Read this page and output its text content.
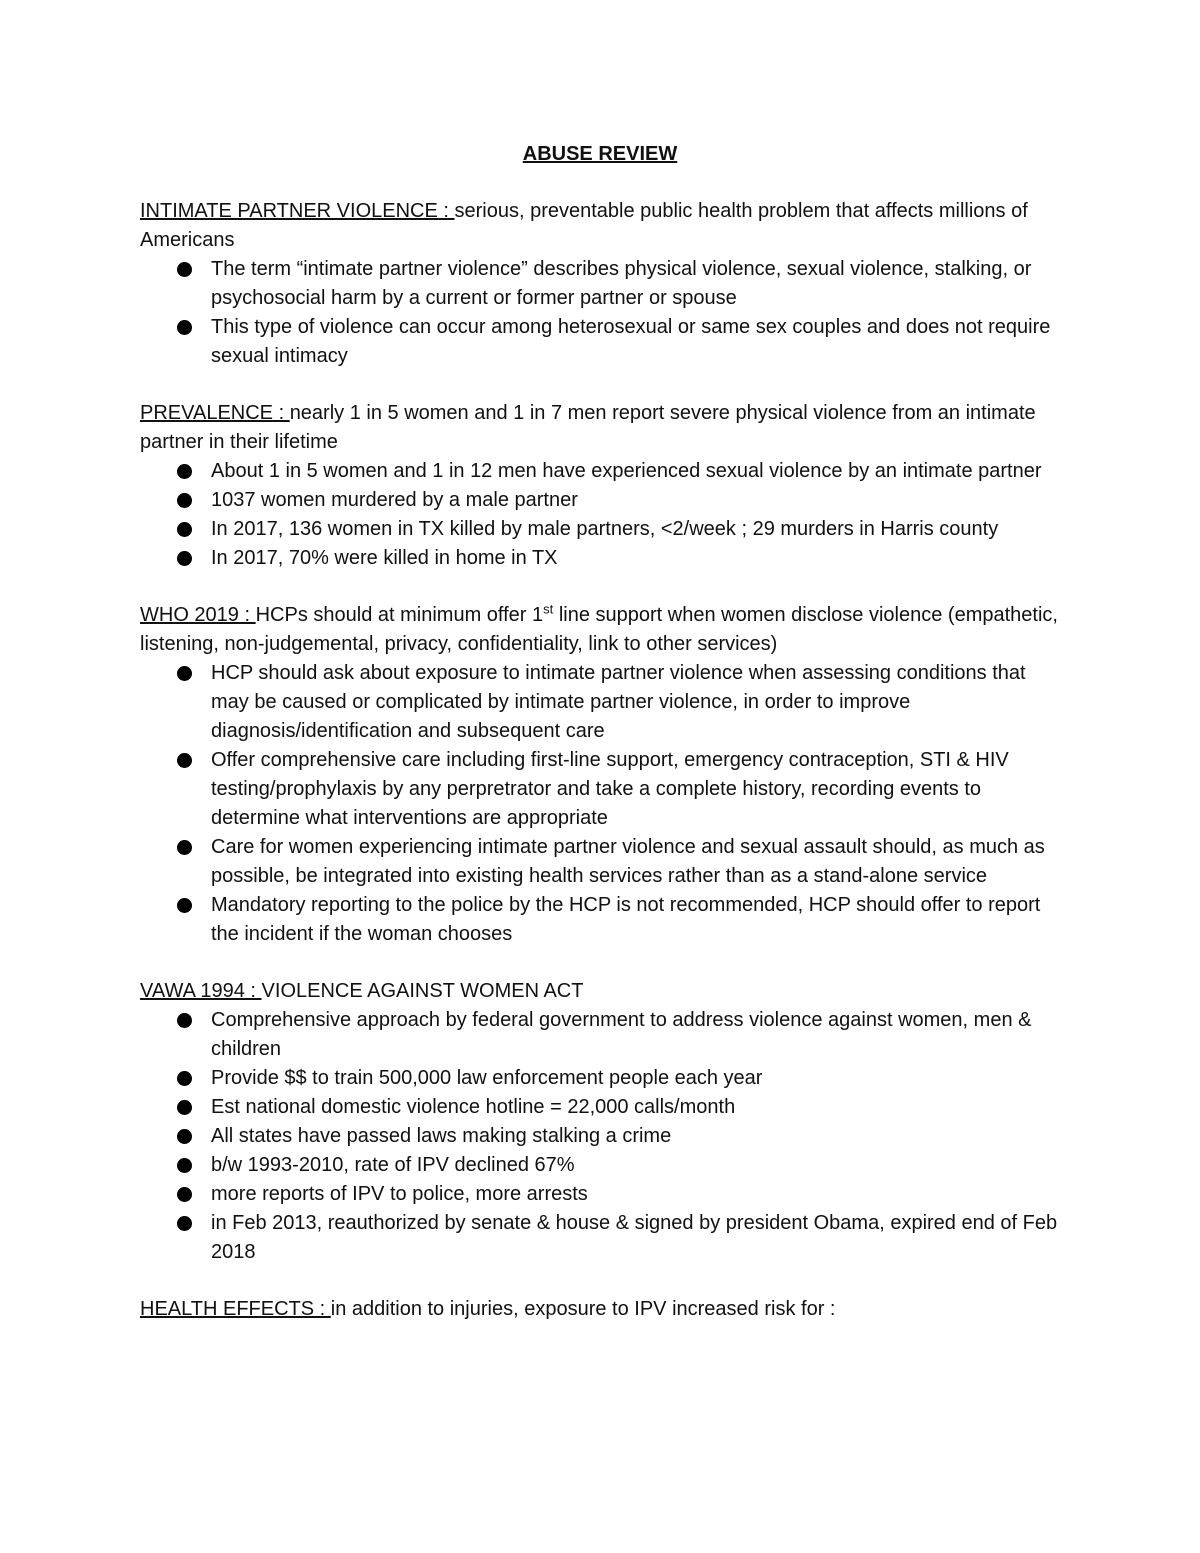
ABUSE REVIEW

INTIMATE PARTNER VIOLENCE : serious, preventable public health problem that affects millions of Americans

The term “intimate partner violence” describes physical violence, sexual violence, stalking, or psychosocial harm by a current or former partner or spouse
This type of violence can occur among heterosexual or same sex couples and does not require sexual intimacy

PREVALENCE : nearly 1 in 5 women and 1 in 7 men report severe physical violence from an intimate partner in their lifetime

About 1 in 5 women and 1 in 12 men have experienced sexual violence by an intimate partner
1037 women murdered by a male partner
In 2017, 136 women in TX killed by male partners, <2/week ; 29 murders in Harris county
In 2017, 70% were killed in home in TX

WHO 2019 : HCPs should at minimum offer 1st line support when women disclose violence (empathetic, listening, non-judgemental, privacy, confidentiality, link to other services)

HCP should ask about exposure to intimate partner violence when assessing conditions that may be caused or complicated by intimate partner violence, in order to improve diagnosis/identification and subsequent care
Offer comprehensive care including first-line support, emergency contraception, STI & HIV testing/prophylaxis by any perpretrator and take a complete history, recording events to determine what interventions are appropriate
Care for women experiencing intimate partner violence and sexual assault should, as much as possible, be integrated into existing health services rather than as a stand-alone service
Mandatory reporting to the police by the HCP is not recommended, HCP should offer to report the incident if the woman chooses

VAWA 1994 : VIOLENCE AGAINST WOMEN ACT

Comprehensive approach by federal government to address violence against women, men & children
Provide $$ to train 500,000 law enforcement people each year
Est national domestic violence hotline = 22,000 calls/month
All states have passed laws making stalking a crime
b/w 1993-2010, rate of IPV declined 67%
more reports of IPV to police, more arrests
in Feb 2013, reauthorized by senate & house & signed by president Obama, expired end of Feb 2018

HEALTH EFFECTS : in addition to injuries, exposure to IPV increased risk for :
